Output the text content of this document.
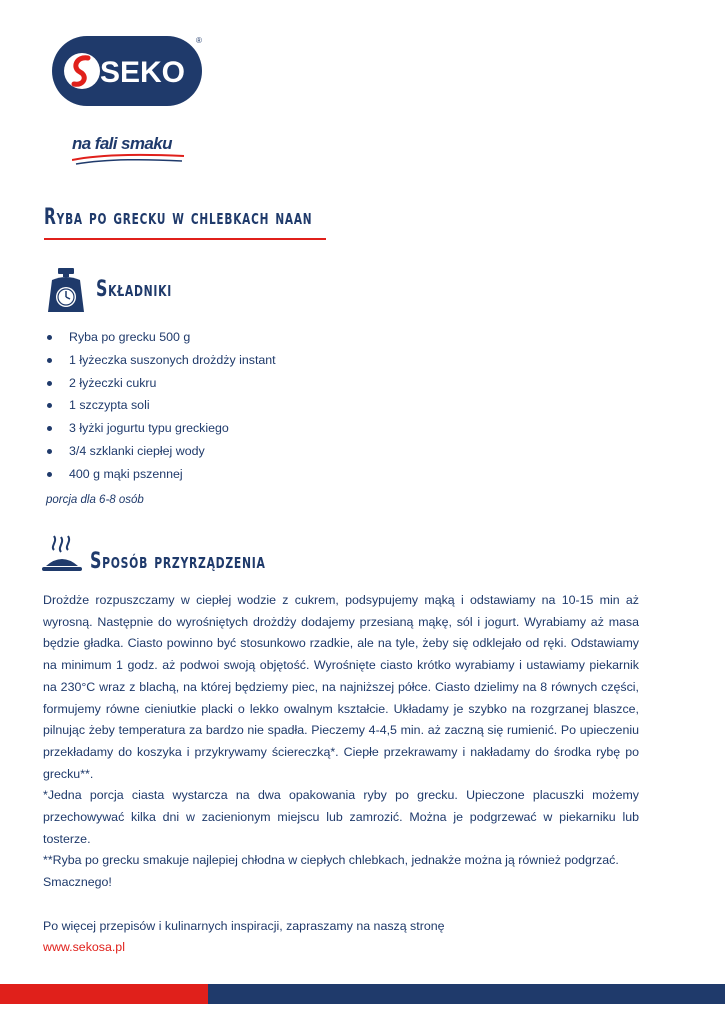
SEKO
®
na fali smaku
Ryba po grecku w chlebkach naan
Składniki
Ryba po grecku 500 g
1 łyżeczka suszonych drożdży instant
2 łyżeczki cukru
1 szczypta soli
3 łyżki jogurtu typu greckiego
3/4 szklanki ciepłej wody
400 g mąki pszennej
porcja dla 6-8 osób
Sposób przyrządzenia

Drożdże rozpuszczamy w ciepłej wodzie z cukrem, podsypujemy mąką i odstawiamy na 10-15 min aż wyrosną. Następnie do wyrośniętych drożdży dodajemy przesianą mąkę, sól i jogurt. Wyrabiamy aż masa będzie gładka. Ciasto powinno być stosunkowo rzadkie, ale na tyle, żeby się odklejało od ręki. Odstawiamy na minimum 1 godz. aż podwoi swoją objętość. Wyrośnięte ciasto krótko wyrabiamy i ustawiamy piekarnik na 230°C wraz z blachą, na której będziemy piec, na najniższej półce. Ciasto dzielimy na 8 równych części, formujemy równe cieniutkie placki o lekko owalnym kształcie. Układamy je szybko na rozgrzanej blaszce, pilnując żeby temperatura za bardzo nie spadła. Pieczemy 4-4,5 min. aż zaczną się rumienić. Po upieczeniu przekładamy do koszyka i przykrywamy ściereczką*. Ciepłe przekrawamy i nakładamy do środka rybę po grecku**.

*Jedna porcja ciasta wystarcza na dwa opakowania ryby po grecku. Upieczone placuszki możemy przechowywać kilka dni w zacienionym miejscu lub zamrozić. Można je podgrzewać w piekarniku lub tosterze.

**Ryba po grecku smakuje najlepiej chłodna w ciepłych chlebkach, jednakże można ją również podgrzać.

Smacznego!

Po więcej przepisów i kulinarnych inspiracji, zapraszamy na naszą stronę

www.sekosa.pl
